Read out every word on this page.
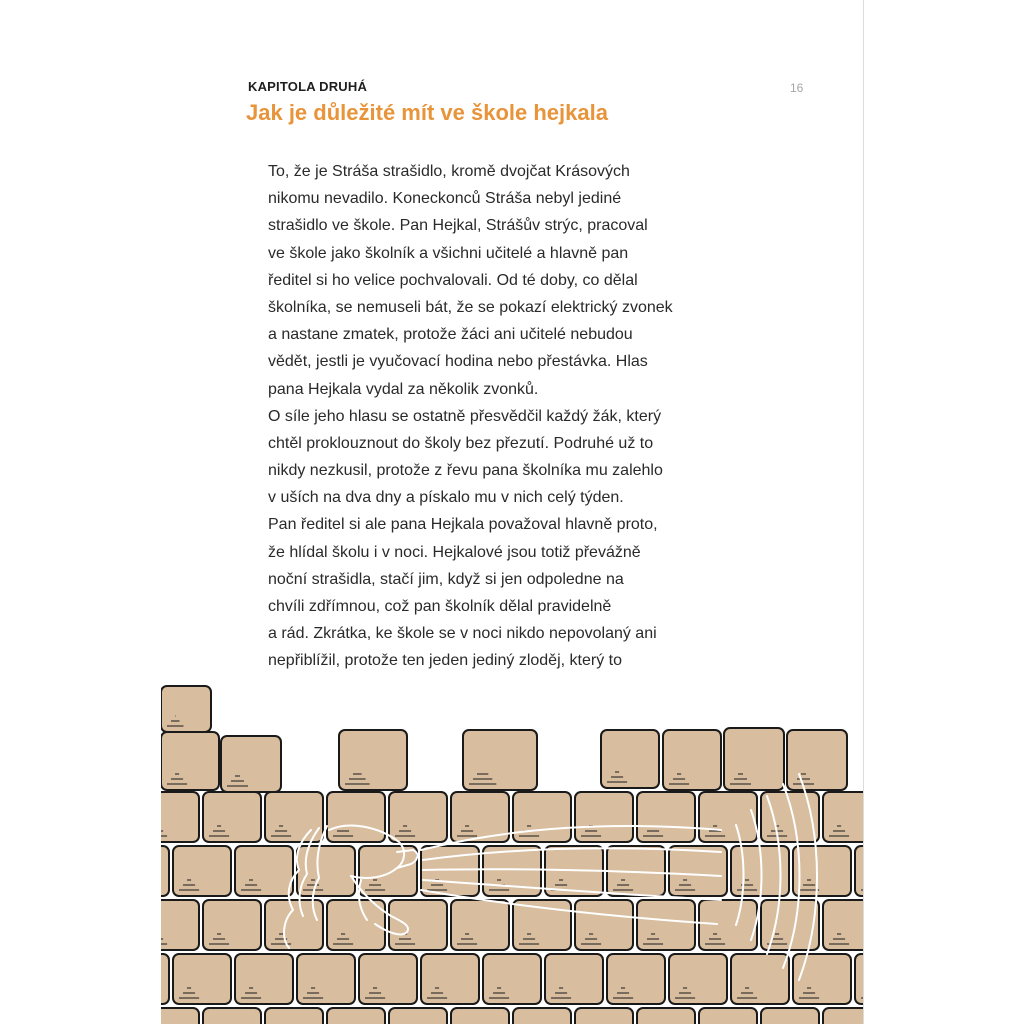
KAPITOLA DRUHÁ	16
Jak je důležité mít ve škole hejkala
To, že je Stráša strašidlo, kromě dvojčat Krásových
nikomu nevadilo. Koneckonců Stráša nebyl jediné
strašidlo ve škole. Pan Hejkal, Strášův strýc, pracoval
ve škole jako školník a všichni učitelé a hlavně pan
ředitel si ho velice pochvalovali. Od té doby, co dělal
školníka, se nemuseli bát, že se pokazí elektrický zvonek
a nastane zmatek, protože žáci ani učitelé nebudou
vědět, jestli je vyučovací hodina nebo přestávka. Hlas
pana Hejkala vydal za několik zvonků.
O síle jeho hlasu se ostatně přesvědčil každý žák, který
chtěl proklouznout do školy bez přezutí. Podruhé už to
nikdy nezkusil, protože z řevu pana školníka mu zalehlo
v uších na dva dny a pískalo mu v nich celý týden.
Pan ředitel si ale pana Hejkala považoval hlavně proto,
že hlídal školu i v noci. Hejkalové jsou totiž převážně
noční strašidla, stačí jim, když si jen odpoledne na
chvíli zdřímnou, což pan školník dělal pravidelně
a rád. Zkrátka, ke škole se v noci nikdo nepovolaný ani
nepřiblížil, protože ten jeden jediný zloděj, který to
